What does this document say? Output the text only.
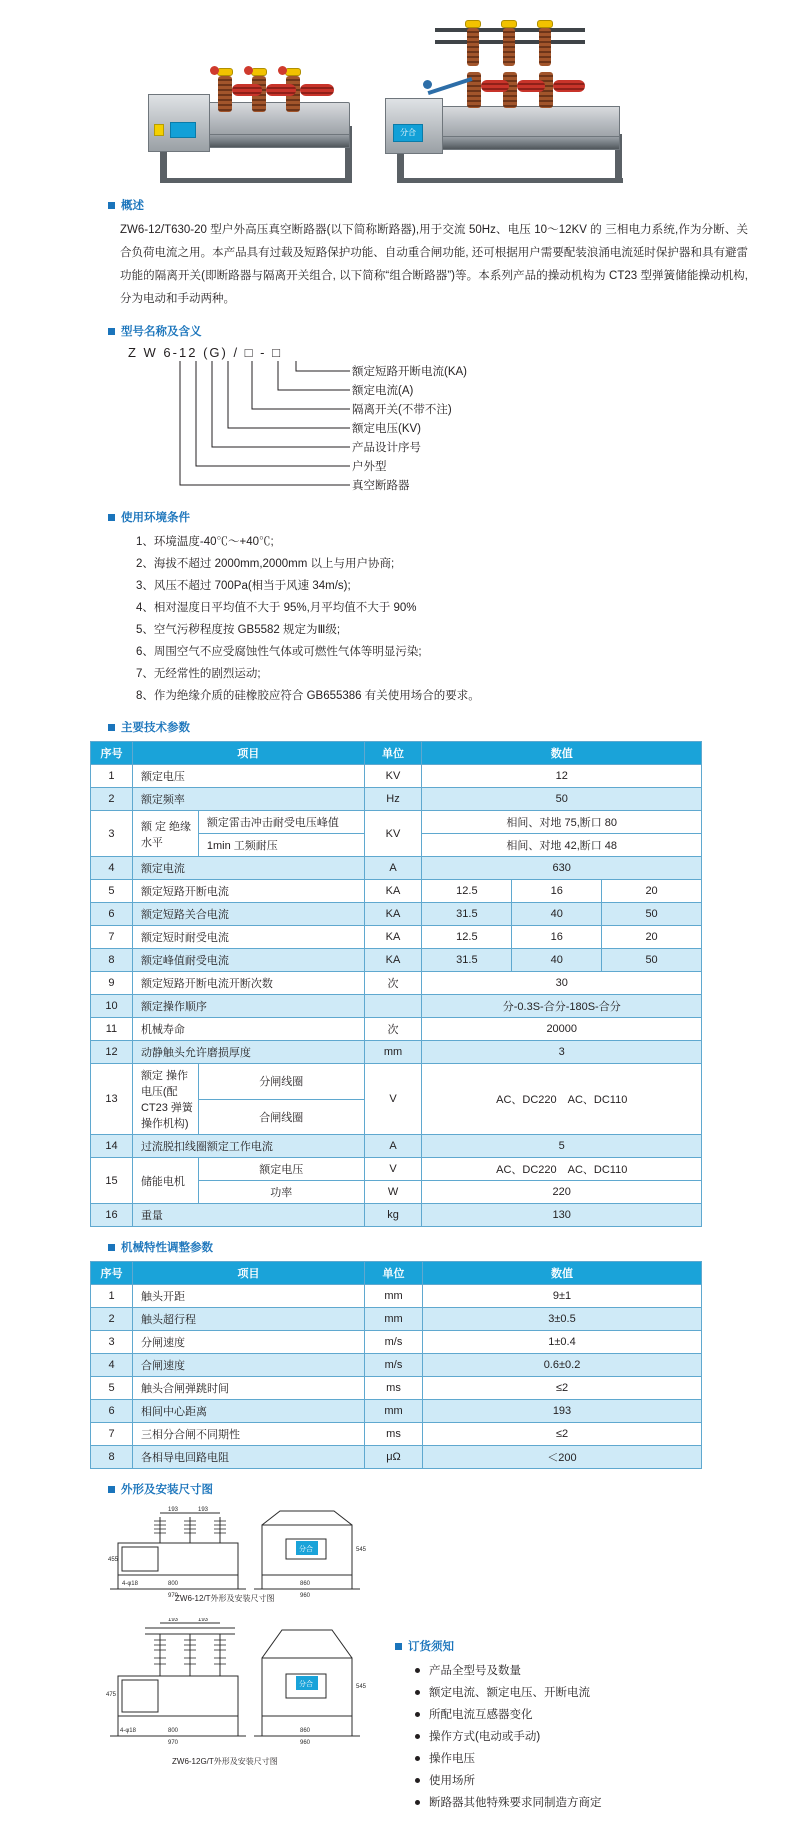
分合
概述

ZW6-12/T630-20 型户外高压真空断路器(以下简称断路器),用于交流 50Hz、电压 10～12KV 的 三相电力系统,作为分断、关合负荷电流之用。本产品具有过载及短路保护功能、自动重合闸功能, 还可根据用户需要配装浪涌电流延时保护器和具有避雷功能的隔离开关(即断路器与隔离开关组合, 以下简称“组合断路器”)等。本系列产品的操动机构为 CT23 型弹簧储能操动机构,分为电动和手动两种。

型号名称及含义
Z W 6-12 (G) / □ - □
额定短路开断电流(KA)
额定电流(A)
隔离开关(不带不注)
额定电压(KV)
产品设计序号
户外型
真空断路器
使用环境条件
1、环境温度-40℃～+40℃;
2、海拔不超过 2000mm,2000mm 以上与用户协商;
3、风压不超过 700Pa(相当于风速 34m/s);
4、相对湿度日平均值不大于 95%,月平均值不大于 90%
5、空气污秽程度按 GB5582 规定为Ⅲ级;
6、周围空气不应受腐蚀性气体或可燃性气体等明显污染;
7、无经常性的剧烈运动;
8、作为绝缘介质的硅橡胶应符合 GB655386 有关使用场合的要求。
主要技术参数
序号	项目		单位	数值		
1	额定电压		KV	12		
2	额定频率		Hz	50		
3	额 定 绝缘水平	额定雷击冲击耐受电压峰值	KV	相间、对地 75,断口 80		
		1min 工频耐压		相间、对地 42,断口 48		
4	额定电流		A	630		
5	额定短路开断电流		KA	12.5	16	20
6	额定短路关合电流		KA	31.5	40	50
7	额定短时耐受电流		KA	12.5	16	20
8	额定峰值耐受电流		KA	31.5	40	50
9	额定短路开断电流开断次数		次	30		
10	额定操作顺序			分-0.3S-合分-180S-合分		
11	机械寿命		次	20000		
12	动静触头允许磨损厚度		mm	3		
13	额定 操作电压(配 CT23 弹簧操作机构)	分闸线圈	V	AC、DC220　AC、DC110		
		合闸线圈				
14	过流脱扣线圈额定工作电流		A	5		
15	储能电机	额定电压	V	AC、DC220　AC、DC110		
		功率	W	220		
16	重量		kg	130		
机械特性调整参数
序号	项目	单位	数值
1	触头开距	mm	9±1
2	触头超行程	mm	3±0.5
3	分闸速度	m/s	1±0.4
4	合闸速度	m/s	0.6±0.2
5	触头合闸弹跳时间	ms	≤2
6	相间中心距离	mm	193
7	三相分合闸不同期性	ms	≤2
8	各相导电回路电阻	μΩ	＜200
外形及安装尺寸图
193	193
455
800
970
4-φ18
545
860
960
分合
ZW6-12/T外形及安装尺寸图
193	193
475
800
970
4-φ18
545
860
960
分合
ZW6-12G/T外形及安装尺寸图
订货须知
产品全型号及数量
额定电流、额定电压、开断电流
所配电流互感器变化
操作方式(电动或手动)
操作电压
使用场所
断路器其他特殊要求同制造方商定
